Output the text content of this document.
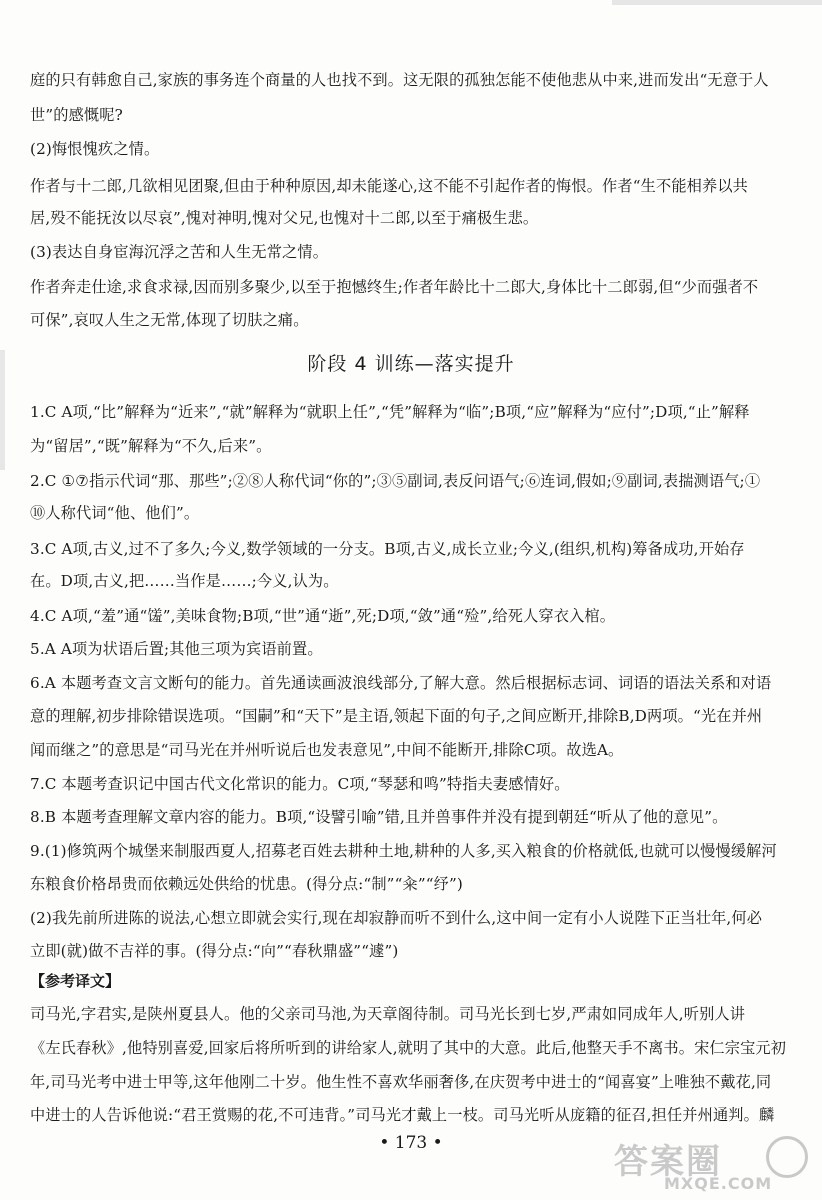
庭的只有韩愈自己,家族的事务连个商量的人也找不到。这无限的孤独怎能不使他悲从中来,进而发出“无意于人
世”的感慨呢?
(2)悔恨愧疚之情。
作者与十二郎,几欲相见团聚,但由于种种原因,却未能遂心,这不能不引起作者的悔恨。作者“生不能相养以共
居,殁不能抚汝以尽哀”,愧对神明,愧对父兄,也愧对十二郎,以至于痛极生悲。
(3)表达自身宦海沉浮之苦和人生无常之情。
作者奔走仕途,求食求禄,因而别多聚少,以至于抱憾终生;作者年龄比十二郎大,身体比十二郎弱,但“少而强者不
可保”,哀叹人生之无常,体现了切肤之痛。
阶段 4 训练—落实提升
1.C A项,“比”解释为“近来”,“就”解释为“就职上任”,“凭”解释为“临”;B项,“应”解释为“应付”;D项,“止”解释
为“留居”,“既”解释为“不久,后来”。
2.C ①⑦指示代词“那、那些”;②⑧人称代词“你的”;③⑤副词,表反问语气;⑥连词,假如;⑨副词,表揣测语气;①
⑩人称代词“他、他们”。
3.C A项,古义,过不了多久;今义,数学领域的一分支。B项,古义,成长立业;今义,(组织,机构)筹备成功,开始存
在。D项,古义,把……当作是……;今义,认为。
4.C A项,“羞”通“馐”,美味食物;B项,“世”通“逝”,死;D项,“敛”通“殓”,给死人穿衣入棺。
5.A A项为状语后置;其他三项为宾语前置。
6.A 本题考查文言文断句的能力。首先通读画波浪线部分,了解大意。然后根据标志词、词语的语法关系和对语
意的理解,初步排除错误选项。“国嗣”和“天下”是主语,领起下面的句子,之间应断开,排除B,D两项。“光在并州
闻而继之”的意思是“司马光在并州听说后也发表意见”,中间不能断开,排除C项。故选A。
7.C 本题考查识记中国古代文化常识的能力。C项,“琴瑟和鸣”特指夫妻感情好。
8.B 本题考查理解文章内容的能力。B项,“设譬引喻”错,且并兽事件并没有提到朝廷“听从了他的意见”。
9.(1)修筑两个城堡来制服西夏人,招募老百姓去耕种土地,耕种的人多,买入粮食的价格就低,也就可以慢慢缓解河
东粮食价格昂贵而依赖远处供给的忧患。(得分点:“制”“籴”“纾”)
(2)我先前所进陈的说法,心想立即就会实行,现在却寂静而听不到什么,这中间一定有小人说陛下正当壮年,何必
立即(就)做不吉祥的事。(得分点:“向”“春秋鼎盛”“遽”)
【参考译文】
司马光,字君实,是陕州夏县人。他的父亲司马池,为天章阁待制。司马光长到七岁,严肃如同成年人,听别人讲
《左氏春秋》,他特别喜爱,回家后将所听到的讲给家人,就明了其中的大意。此后,他整天手不离书。宋仁宗宝元初
年,司马光考中进士甲等,这年他刚二十岁。他生性不喜欢华丽奢侈,在庆贺考中进士的“闻喜宴”上唯独不戴花,同
中进士的人告诉他说:“君王赏赐的花,不可违背。”司马光才戴上一枝。司马光听从庞籍的征召,担任并州通判。麟
• 173 •	答案圈
MXQE.COM
